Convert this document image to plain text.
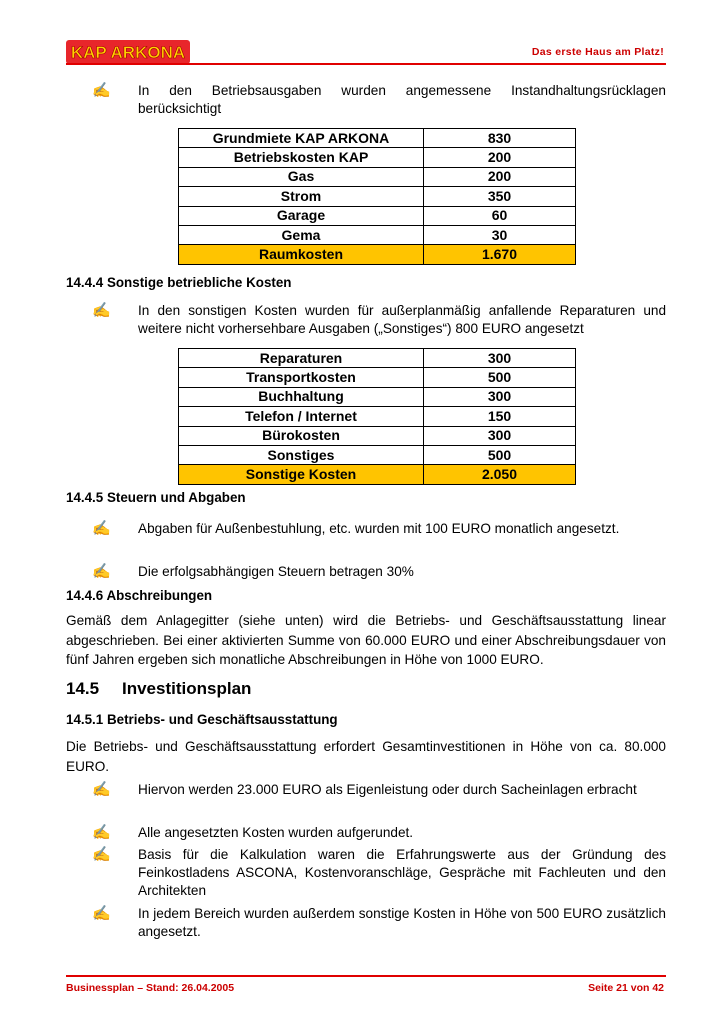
KAP ARKONA	Das erste Haus am Platz!
✍	In den Betriebsausgaben wurden angemessene Instandhaltungsrücklagen berücksichtigt
Grundmiete KAP ARKONA	830
Betriebskosten KAP	200
Gas	200
Strom	350
Garage	60
Gema	30
Raumkosten	1.670
14.4.4 Sonstige betriebliche Kosten
✍	In den sonstigen Kosten wurden für außerplanmäßig anfallende Reparaturen und weitere nicht vorhersehbare Ausgaben („Sonstiges“) 800 EURO angesetzt
Reparaturen	300
Transportkosten	500
Buchhaltung	300
Telefon / Internet	150
Bürokosten	300
Sonstiges	500
Sonstige Kosten	2.050
14.4.5 Steuern und Abgaben
✍	Abgaben für Außenbestuhlung, etc. wurden mit 100 EURO monatlich angesetzt.
✍	Die erfolgsabhängigen Steuern betragen 30%
14.4.6 Abschreibungen
Gemäß dem Anlagegitter (siehe unten) wird die Betriebs- und Geschäftsausstattung linear abgeschrieben. Bei einer aktivierten Summe von 60.000 EURO und einer Abschreibungsdauer von fünf Jahren ergeben sich monatliche Abschreibungen in Höhe von 1000 EURO.
14.5 Investitionsplan
14.5.1 Betriebs- und Geschäftsausstattung
Die Betriebs- und Geschäftsausstattung erfordert Gesamtinvestitionen in Höhe von ca. 80.000 EURO.
✍	Hiervon werden 23.000 EURO als Eigenleistung oder durch Sacheinlagen erbracht
✍	Alle angesetzten Kosten wurden aufgerundet.
✍	Basis für die Kalkulation waren die Erfahrungswerte aus der Gründung des Feinkostladens ASCONA, Kostenvoranschläge, Gespräche mit Fachleuten und den Architekten
✍	In jedem Bereich wurden außerdem sonstige Kosten in Höhe von 500 EURO zusätzlich angesetzt.
Businessplan – Stand: 26.04.2005	Seite 21 von 42
